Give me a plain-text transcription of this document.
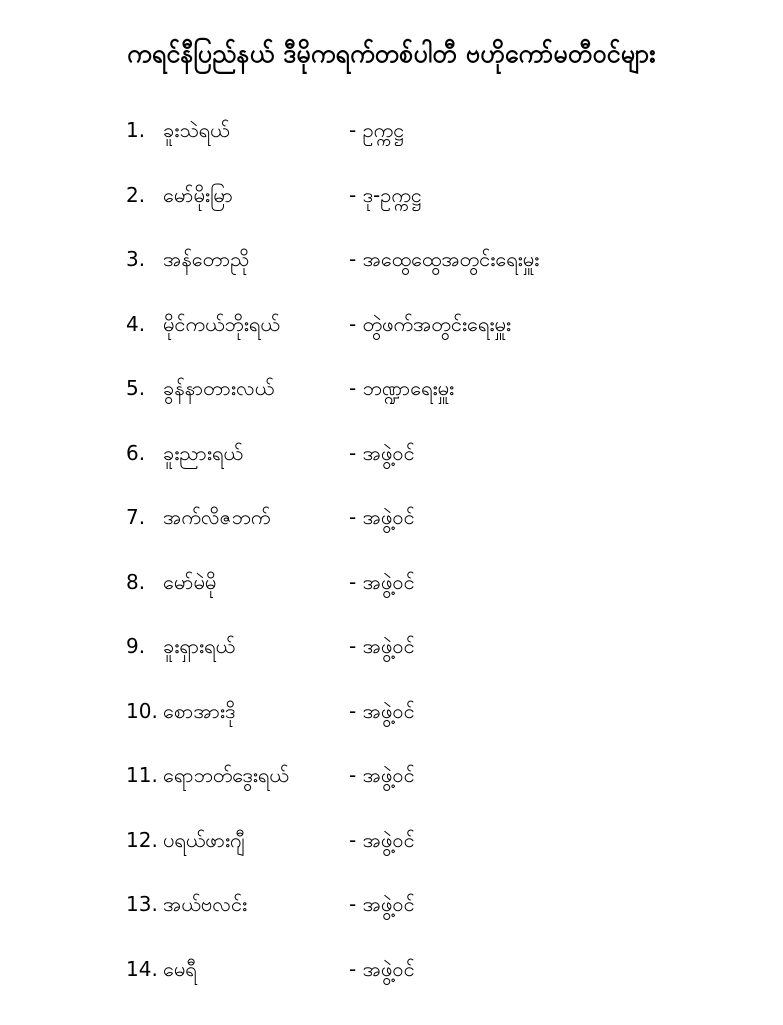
ကရင်နီပြည်နယ် ဒီမိုကရက်တစ်ပါတီ ဗဟိုကော်မတီဝင်များ
1. ခူးသဲရယ်	- ဥက္ကဋ္ဌ
2. မော်မိုးမြာ	- ဒု-ဥက္ကဋ္ဌ
3. အန်တောညို	- အထွေထွေအတွင်းရေးမှူး
4. မိုင်ကယ်ဘိုးရယ်	- တွဲဖက်အတွင်းရေးမှူး
5. ခွန်နာတားလယ်	- ဘဏ္ဍာရေးမှူး
6. ခူးညားရယ်	- အဖွဲ့ဝင်
7. အက်လိဇဘက်	- အဖွဲ့ဝင်
8. မော်မဲမို	- အဖွဲ့ဝင်
9. ခူးရှားရယ်	- အဖွဲ့ဝင်
10. စောအားဒို	- အဖွဲ့ဝင်
11. ရောဘတ်ဒွေးရယ်	- အဖွဲ့ဝင်
12. ပရယ်ဖားဂျီ	- အဖွဲ့ဝင်
13. အယ်ဗလင်း	- အဖွဲ့ဝင်
14. မေရီ	- အဖွဲ့ဝင်
